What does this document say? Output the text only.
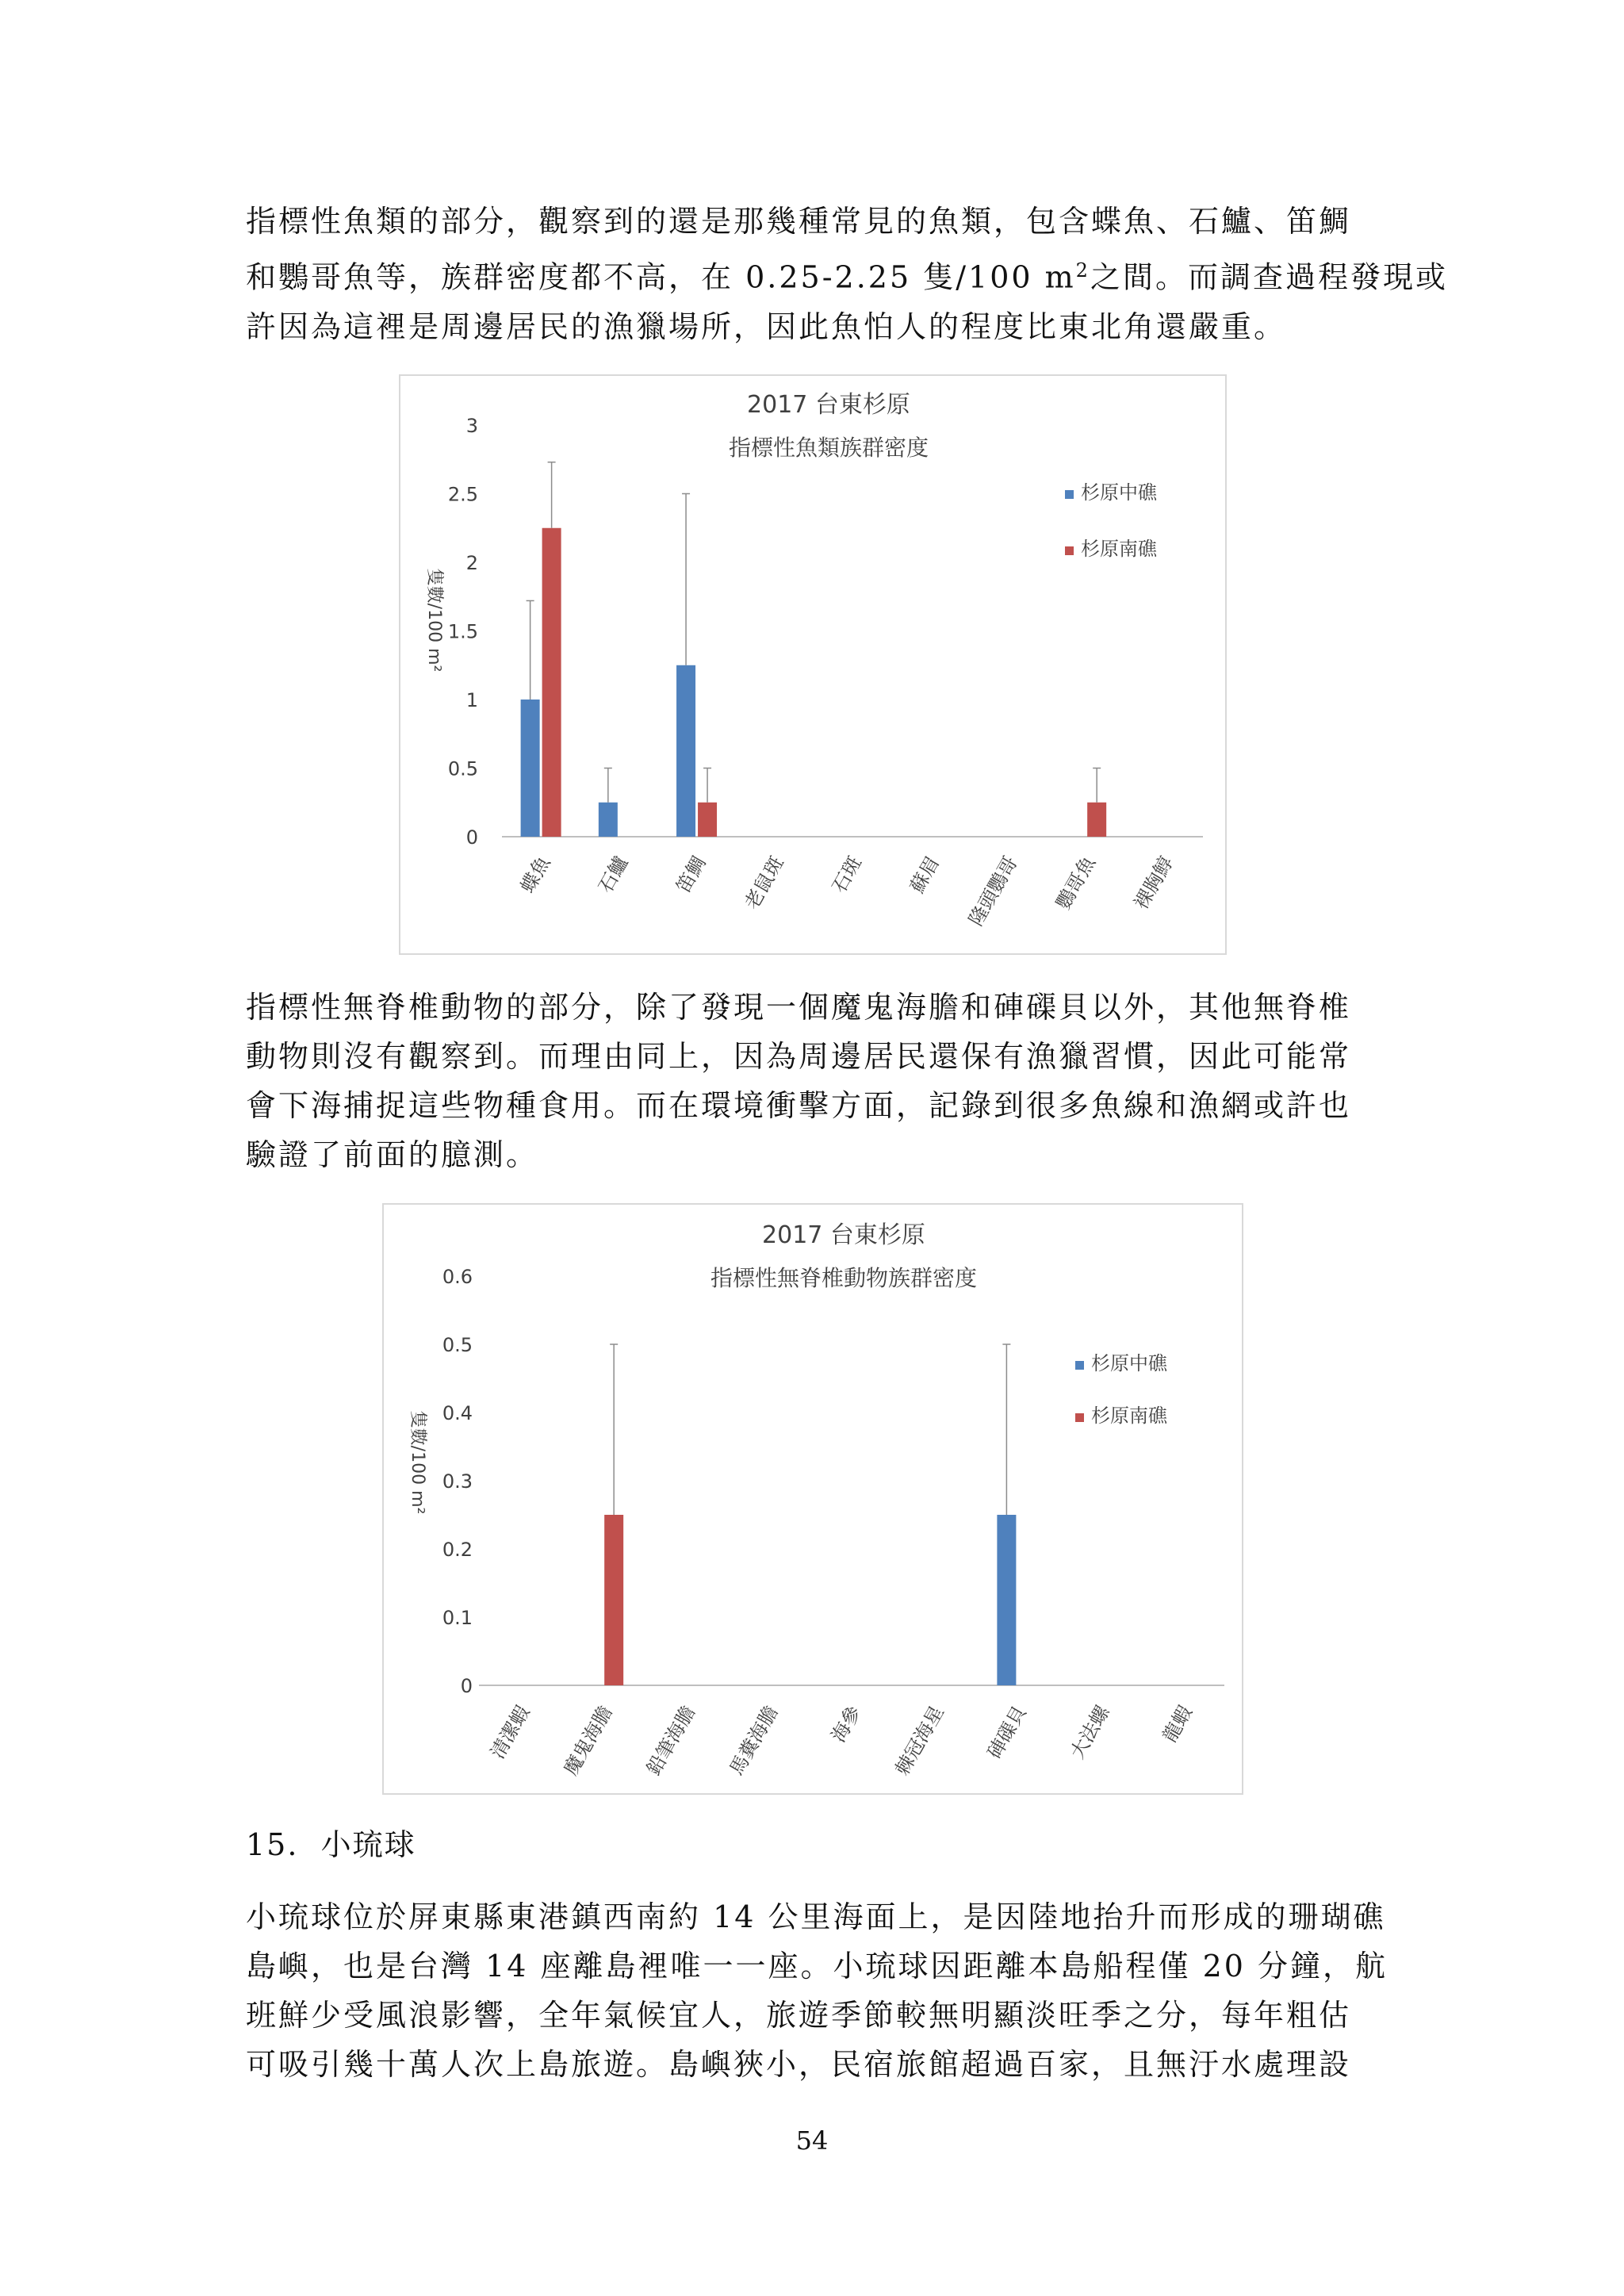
指標性魚類的部分，觀察到的還是那幾種常見的魚類，包含蝶魚、石鱸、笛鯛
和鸚哥魚等，族群密度都不高，在 0.25-2.25 隻/100 $m^2$之間。而調查過程發現或
許因為這裡是周邊居民的漁獵場所，因此魚怕人的程度比東北角還嚴重。

2017 台東杉原
指標性魚類族群密度
0
0.5
1
1.5
2
2.5
3
隻數/100 m²
蝶魚 石鱸 笛鯛 老鼠斑 石斑 蘇眉 隆頭鸚哥 鸚哥魚 裸胸鯙
杉原中礁
杉原南礁

指標性無脊椎動物的部分，除了發現一個魔鬼海膽和硨磲貝以外，其他無脊椎
動物則沒有觀察到。而理由同上，因為周邊居民還保有漁獵習慣，因此可能常
會下海捕捉這些物種食用。而在環境衝擊方面，記錄到很多魚線和漁網或許也
驗證了前面的臆測。

2017 台東杉原
指標性無脊椎動物族群密度
0
0.1
0.2
0.3
0.4
0.5
0.6
隻數/100 m²
清潔蝦 魔鬼海膽 鉛筆海膽 馬糞海膽 海參 棘冠海星 硨磲貝 大法螺 龍蝦
杉原中礁
杉原南礁
15. 小琉球

小琉球位於屏東縣東港鎮西南約 14 公里海面上，是因陸地抬升而形成的珊瑚礁
島嶼，也是台灣 14 座離島裡唯一一座。小琉球因距離本島船程僅 20 分鐘，航
班鮮少受風浪影響，全年氣候宜人，旅遊季節較無明顯淡旺季之分，每年粗估
可吸引幾十萬人次上島旅遊。島嶼狹小，民宿旅館超過百家，且無汙水處理設

54
